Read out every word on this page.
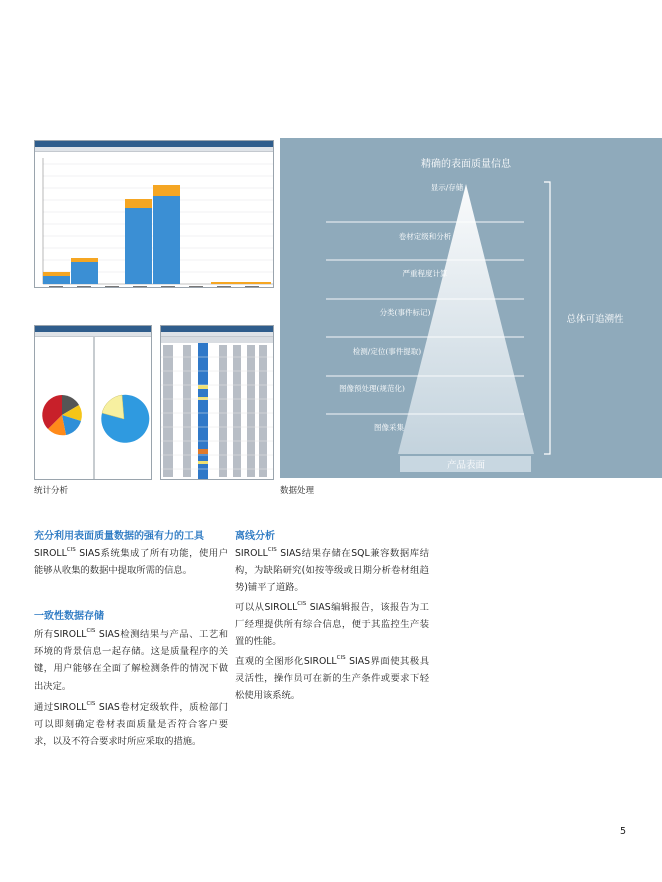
统计分析	数据处理
精确的表面质量信息
显示/存储
卷材定级和分析
严重程度计算
分类(事件标记)
检测/定位(事件提取)
图像预处理(规范化)
图像采集
产品表面
总体可追溯性
充分利用表面质量数据的强有力的工具
$SIROLL^{CIS}$ SIAS系统集成了所有功能，使用户能够从收集的数据中提取所需的信息。
一致性数据存储
所有$SIROLL^{CIS}$ SIAS检测结果与产品、工艺和环境的背景信息一起存储。这是质量程序的关键，用户能够在全面了解检测条件的情况下做出决定。
通过$SIROLL^{CIS}$ SIAS卷材定级软件，质检部门可以即刻确定卷材表面质量是否符合客户要求，以及不符合要求时所应采取的措施。
离线分析
$SIROLL^{CIS}$ SIAS结果存储在SQL兼容数据库结构，为缺陷研究(如按等级或日期分析卷材组趋势)铺平了道路。
可以从$SIROLL^{CIS}$ SIAS编辑报告，该报告为工厂经理提供所有综合信息，便于其监控生产装置的性能。
直观的全图形化$SIROLL^{CIS}$ SIAS界面使其极具灵活性，操作员可在新的生产条件或要求下轻松使用该系统。
5
